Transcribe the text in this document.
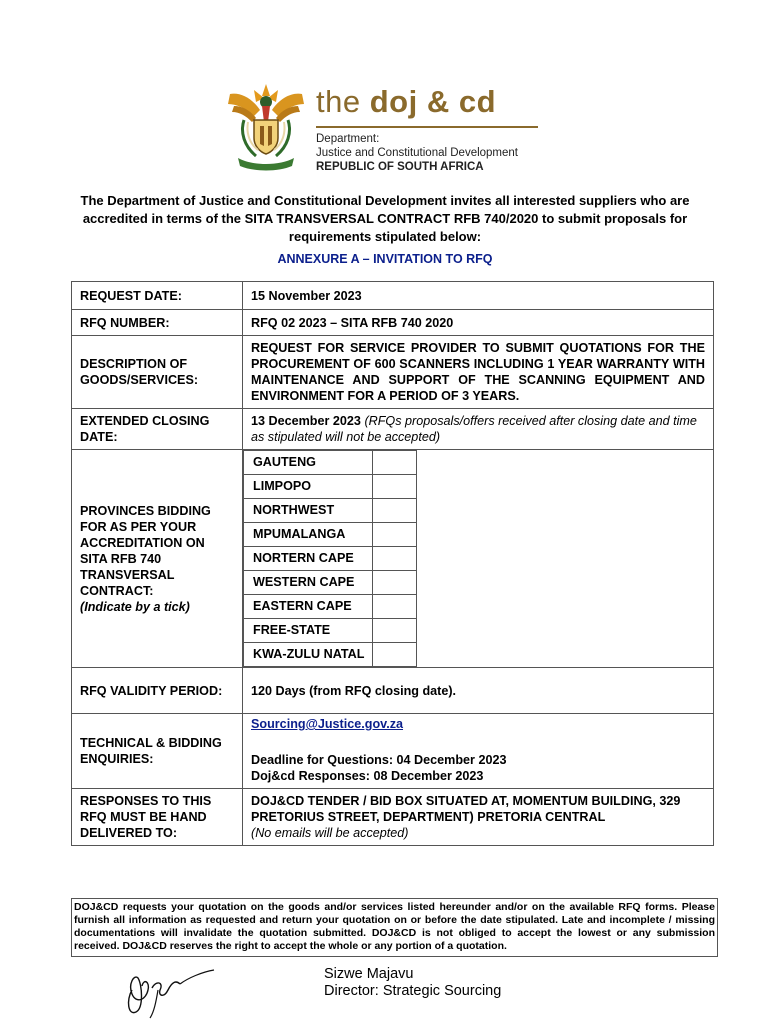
the doj & cd
Department:
Justice and Constitutional Development
REPUBLIC OF SOUTH AFRICA
The Department of Justice and Constitutional Development invites all interested suppliers who are accredited in terms of the SITA TRANSVERSAL CONTRACT RFB 740/2020 to submit proposals for requirements stipulated below:
ANNEXURE A – INVITATION TO RFQ
REQUEST DATE:	15 November 2023
RFQ NUMBER:	RFQ 02 2023 – SITA RFB 740 2020
DESCRIPTION OF GOODS/SERVICES:	REQUEST FOR SERVICE PROVIDER TO SUBMIT QUOTATIONS FOR THE PROCUREMENT OF 600 SCANNERS INCLUDING 1 YEAR WARRANTY WITH MAINTENANCE AND SUPPORT OF THE SCANNING EQUIPMENT AND ENVIRONMENT FOR A PERIOD OF 3 YEARS.
EXTENDED CLOSING DATE:	13 December 2023 (RFQs proposals/offers received after closing date and time as stipulated will not be accepted)

PROVINCES BIDDING FOR AS PER YOUR ACCREDITATION ON SITA RFB 740 TRANSVERSAL CONTRACT:
(Indicate by a tick)

GAUTENG	
LIMPOPO	
NORTHWEST	
MPUMALANGA	
NORTERN CAPE	
WESTERN CAPE	
EASTERN CAPE	
FREE-STATE	
KWA-ZULU NATAL	

RFQ VALIDITY PERIOD:	120 Days (from RFQ closing date).
TECHNICAL & BIDDING ENQUIRIES:	
Sourcing@Justice.gov.za
Deadline for Questions: 04 December 2023
Doj&cd Responses: 08 December 2023

RESPONSES TO THIS RFQ MUST BE HAND DELIVERED TO:	
DOJ&CD TENDER / BID BOX SITUATED AT, MOMENTUM BUILDING, 329 PRETORIUS STREET, DEPARTMENT) PRETORIA CENTRAL
(No emails will be accepted)
DOJ&CD requests your quotation on the goods and/or services listed hereunder and/or on the available RFQ forms. Please furnish all information as requested and return your quotation on or before the date stipulated. Late and incomplete / missing documentations will invalidate the quotation submitted. DOJ&CD is not obliged to accept the lowest or any submission received. DOJ&CD reserves the right to accept the whole or any portion of a quotation.
Sizwe Majavu
Director: Strategic Sourcing
